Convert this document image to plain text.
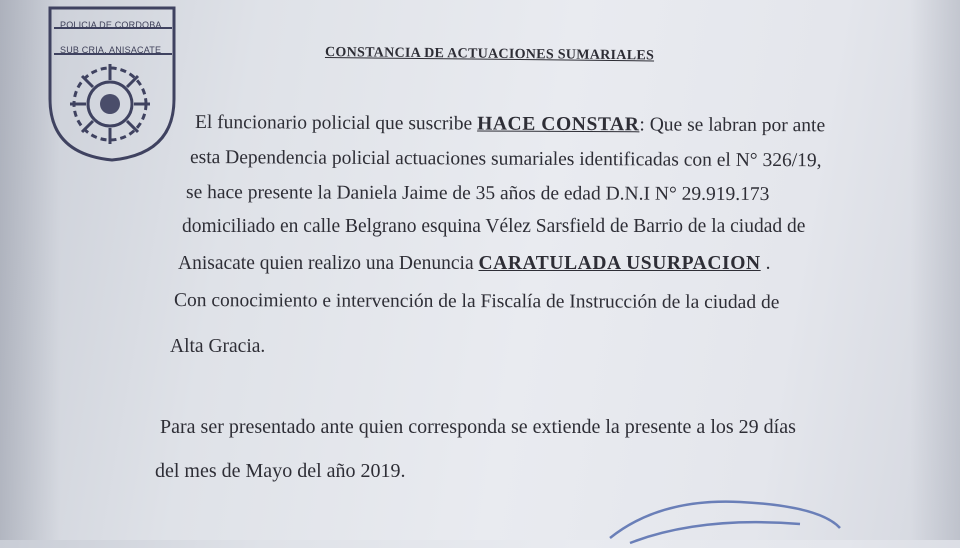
POLICIA DE CORDOBA
SUB CRIA. ANISACATE	CONSTANCIA DE ACTUACIONES SUMARIALES
El funcionario policial que suscribe HACE CONSTAR: Que se labran por ante
esta Dependencia policial actuaciones sumariales identificadas con el N° 326/19,
se hace presente la Daniela Jaime de 35 años de edad D.N.I N° 29.919.173
domiciliado en calle Belgrano esquina Vélez Sarsfield de Barrio de la ciudad de
Anisacate quien realizo una Denuncia CARATULADA USURPACION .
Con conocimiento e intervención de la Fiscalía de Instrucción de la ciudad de
Alta Gracia.
Para ser presentado ante quien corresponda se extiende la presente a los 29 días
del mes de Mayo del año 2019.
